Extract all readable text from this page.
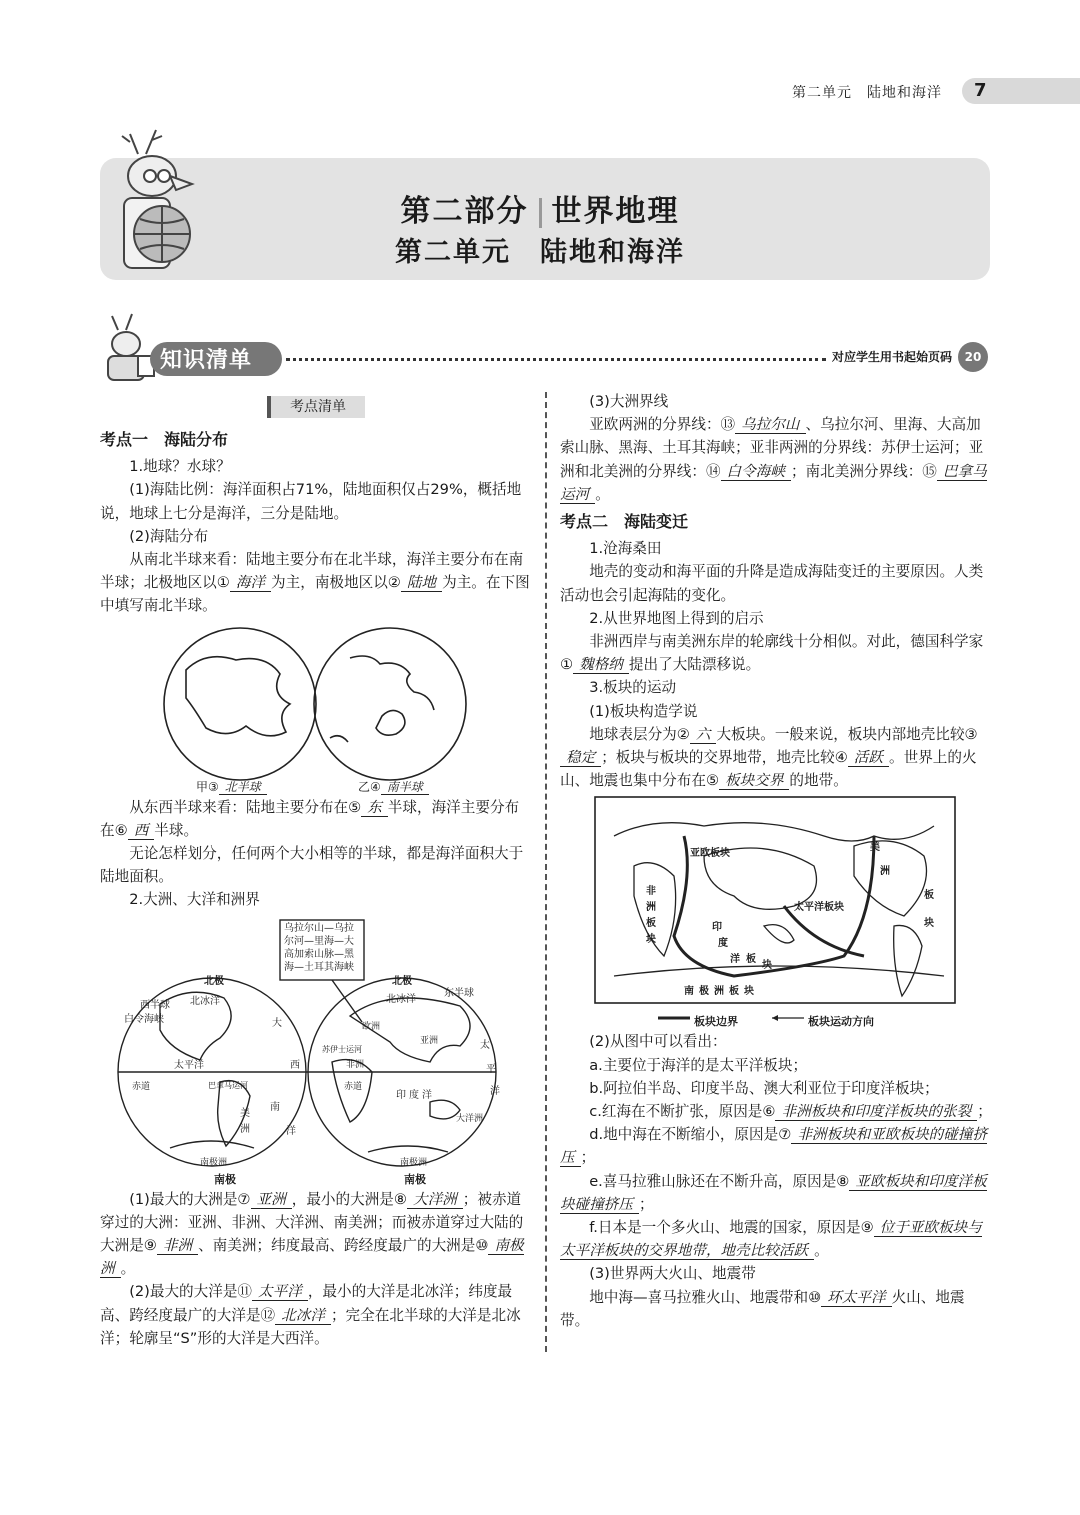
第二单元　陆地和海洋 7
第二部分 世界地理
第二单元　陆地和海洋
知识清单	对应学生用书起始页码	20
考点清单

考点一　海陆分布

1.地球？水球？

(1)海陆比例：海洋面积占71%，陆地面积仅占29%，概括地说，地球上七分是海洋，三分是陆地。

(2)海陆分布

从南北半球来看：陆地主要分布在北半球，海洋主要分布在南半球；北极地区以① 海洋 为主，南极地区以② 陆地 为主。在下图中填写南北半球。

甲③ 北半球	乙④ 南半球

从东西半球来看：陆地主要分布在⑤ 东 半球，海洋主要分布在⑥ 西 半球。

无论怎样划分，任何两个大小相等的半球，都是海洋面积大于陆地面积。

2.大洲、大洋和洲界

乌拉尔山—乌拉
尔河—里海—大
高加索山脉—黑
海—土耳其海峡
北极
西半球 北冰洋
白令海峡	大
太平洋	西
赤道	巴拿马运河
南
美
洲	洋
南极洲
南极
北极
东半球
北冰洋
欧洲
亚洲	太
苏伊士运河
非洲	平
赤道
印度洋	洋
大洋洲
南极洲
南极

(1)最大的大洲是⑦ 亚洲 ，最小的大洲是⑧ 大洋洲 ；被赤道穿过的大洲：亚洲、非洲、大洋洲、南美洲；而被赤道穿过大陆的大洲是⑨ 非洲 、南美洲；纬度最高、跨经度最广的大洲是⑩ 南极洲 。

(2)最大的大洋是⑪ 太平洋 ，最小的大洋是北冰洋；纬度最高、跨经度最广的大洋是⑫ 北冰洋 ；完全在北半球的大洋是北冰洋；轮廓呈“S”形的大洋是大西洋。

(3)大洲界线

亚欧两洲的分界线：⑬ 乌拉尔山 、乌拉尔河、里海、大高加索山脉、黑海、土耳其海峡；亚非两洲的分界线：苏伊士运河；亚洲和北美洲的分界线：⑭ 白令海峡 ；南北美洲分界线：⑮ 巴拿马运河 。

考点二　海陆变迁

1.沧海桑田

地壳的变动和海平面的升降是造成海陆变迁的主要原因。人类活动也会引起海陆的变化。

2.从世界地图上得到的启示

非洲西岸与南美洲东岸的轮廓线十分相似。对此，德国科学家① 魏格纳 提出了大陆漂移说。

3.板块的运动

(1)板块构造学说

地球表层分为② 六 大板块。一般来说，板块内部地壳比较③稳定 ；板块与板块的交界地带，地壳比较④ 活跃 。世界上的火山、地震也集中分布在⑤ 板块交界 的地带。

亚欧板块
美
洲
板
块
非
洲
板
块
印
度
洋 板
块
太平洋板块
南极洲板块
板块边界	板块运动方向

(2)从图中可以看出：

a.主要位于海洋的是太平洋板块；

b.阿拉伯半岛、印度半岛、澳大利亚位于印度洋板块；

c.红海在不断扩张，原因是⑥ 非洲板块和印度洋板块的张裂 ；

d.地中海在不断缩小，原因是⑦ 非洲板块和亚欧板块的碰撞挤压 ；

e.喜马拉雅山脉还在不断升高，原因是⑧ 亚欧板块和印度洋板块碰撞挤压 ；

f.日本是一个多火山、地震的国家，原因是⑨ 位于亚欧板块与太平洋板块的交界地带，地壳比较活跃 。

(3)世界两大火山、地震带

地中海—喜马拉雅火山、地震带和⑩ 环太平洋 火山、地震带。
